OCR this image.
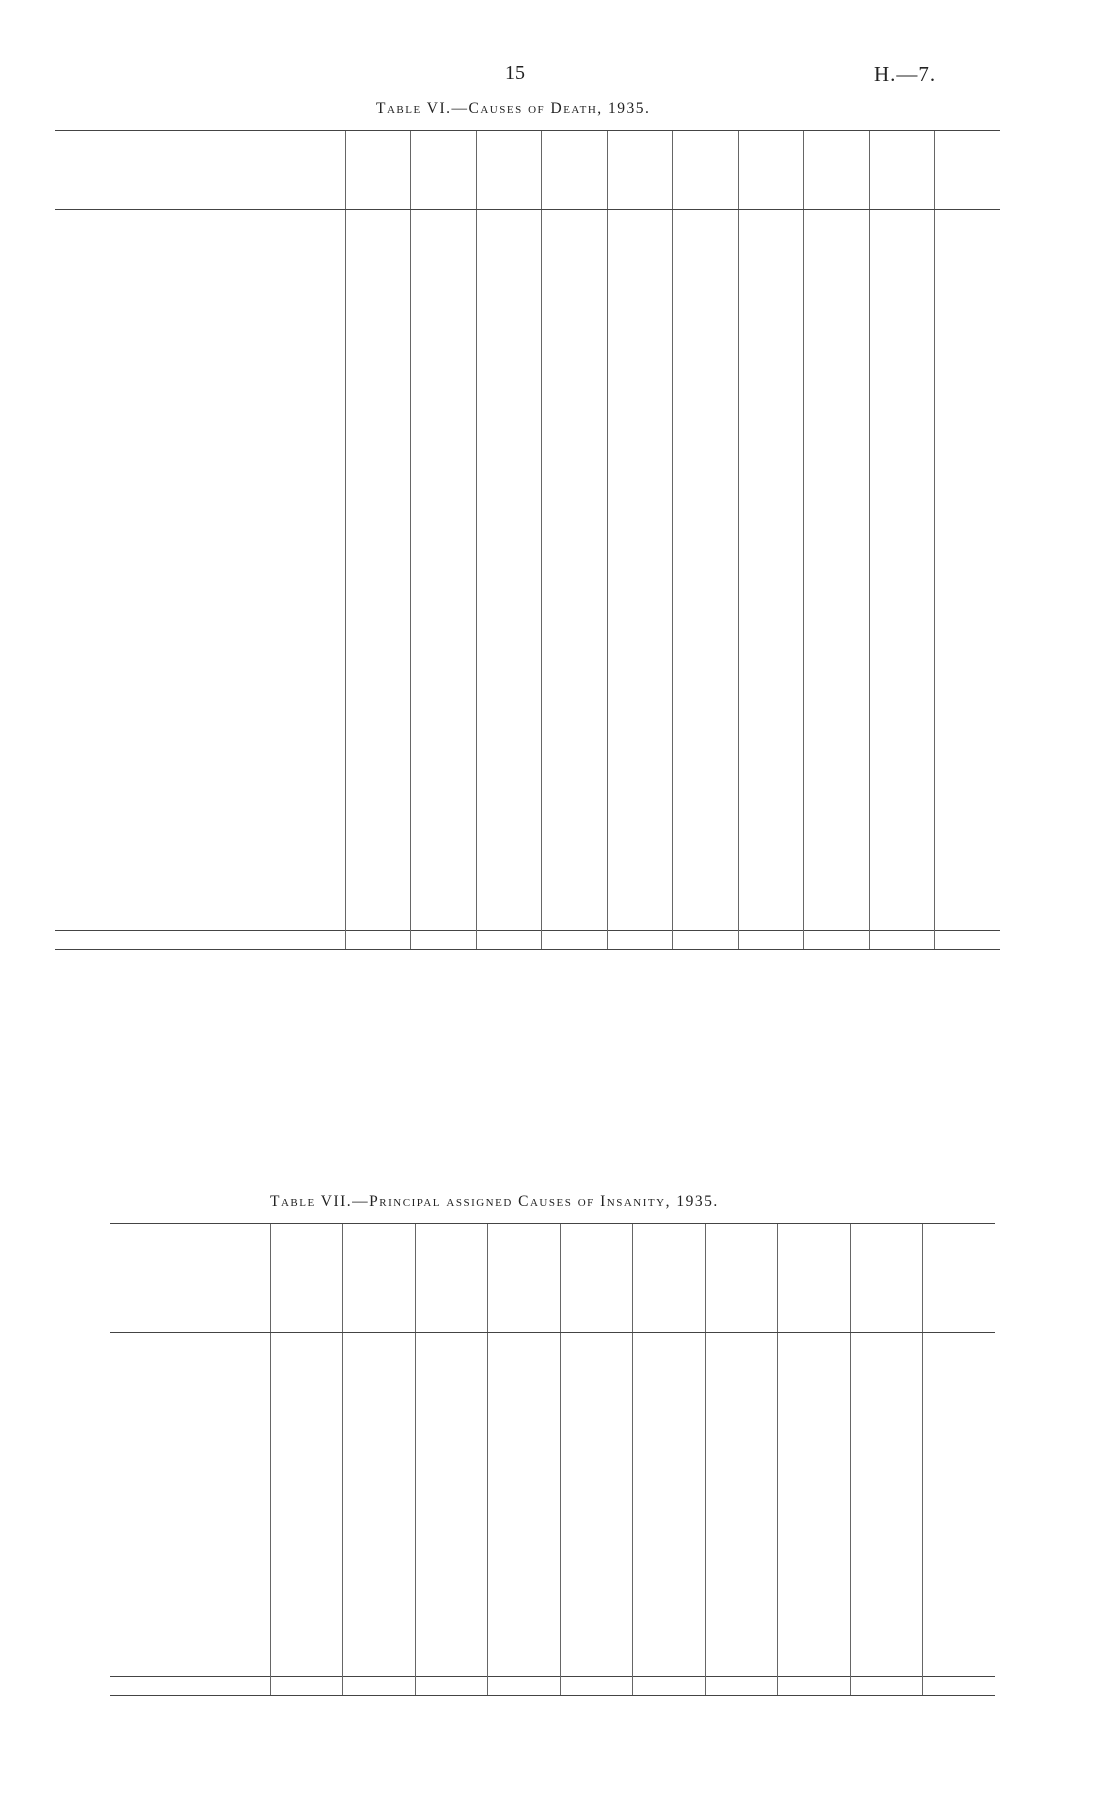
15	H.—7.
Table VI.—Causes of Death, 1935.

Table VII.—Principal assigned Causes of Insanity, 1935.
